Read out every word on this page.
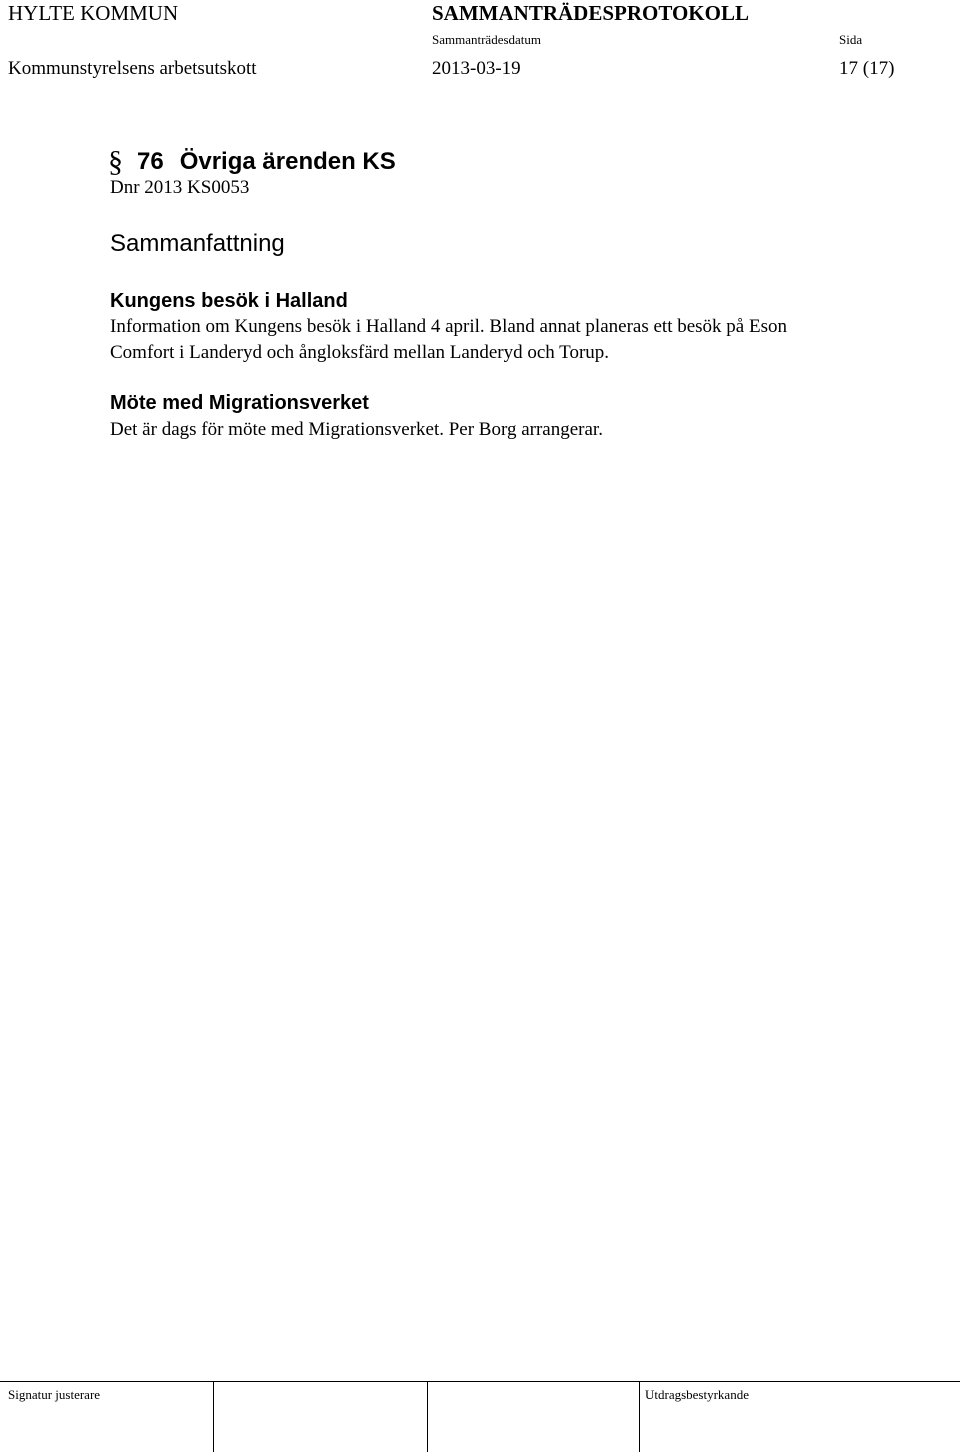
HYLTE KOMMUN	SAMMANTRÄDESPROTOKOLL
Sammanträdesdatum	Sida
Kommunstyrelsens arbetsutskott	2013-03-19	17 (17)
§ 76 Övriga ärenden KS
Dnr 2013 KS0053
Sammanfattning
Kungens besök i Halland
Information om Kungens besök i Halland 4 april. Bland annat planeras ett besök på Eson
Comfort i Landeryd och ångloksfärd mellan Landeryd och Torup.
Möte med Migrationsverket
Det är dags för möte med Migrationsverket. Per Borg arrangerar.
Signatur justerare	Utdragsbestyrkande
